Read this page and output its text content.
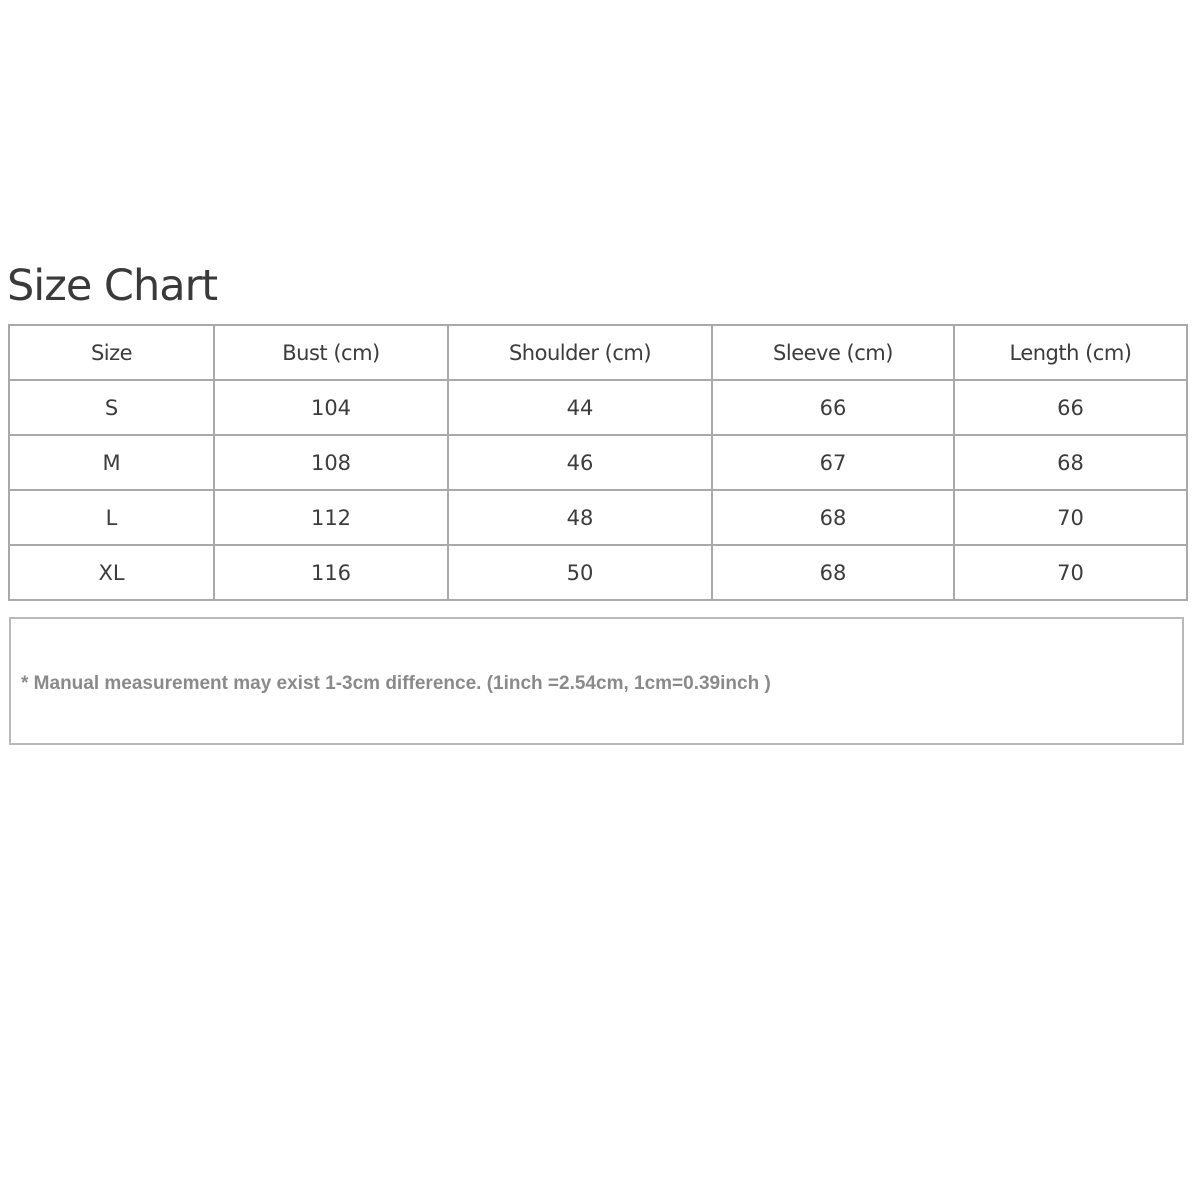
Size Chart
Size	Bust (cm)	Shoulder (cm)	Sleeve (cm)	Length (cm)
S	104	44	66	66
M	108	46	67	68
L	112	48	68	70
XL	116	50	68	70
* Manual measurement may exist 1-3cm difference. (1inch =2.54cm, 1cm=0.39inch )
